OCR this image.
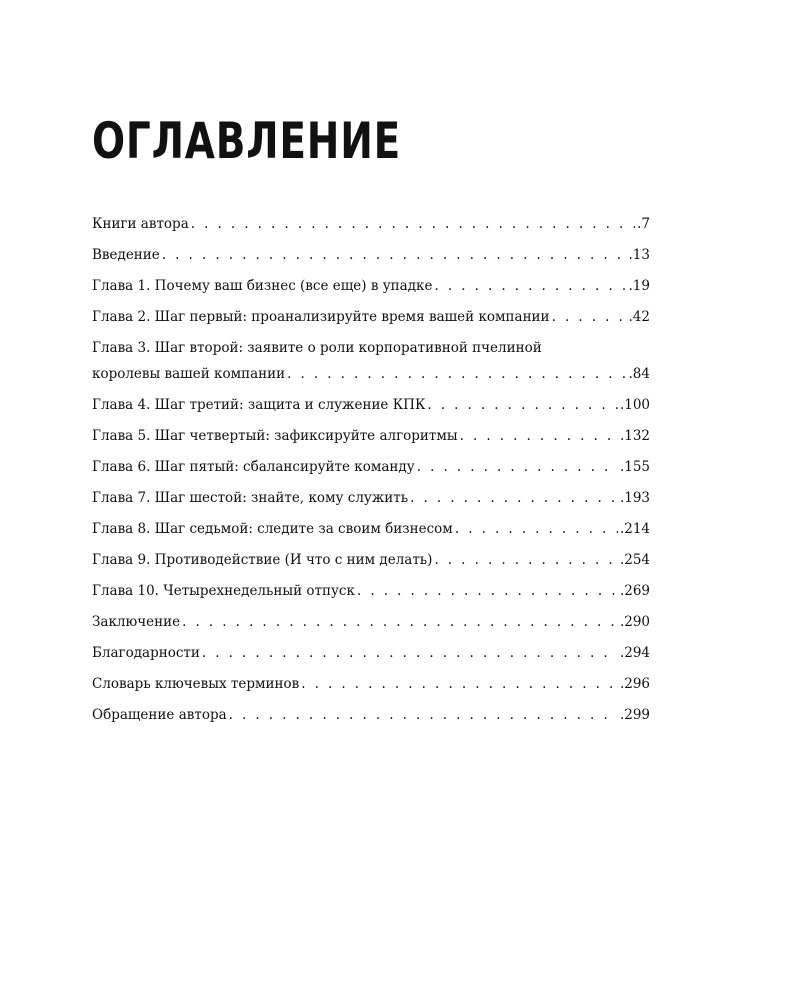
ОГЛАВЛЕНИЕ
Книги автора . . .	.7
Введение . . .	.13
Глава 1. Почему ваш бизнес (все еще) в упадке . . .	.19
Глава 2. Шаг первый: проанализируйте время вашей компании . . .	.42
Глава 3. Шаг второй: заявите о роли корпоративной пчелиной
королевы вашей компании . . .	.84
Глава 4. Шаг третий: защита и служение КПК . . .	.100
Глава 5. Шаг четвертый: зафиксируйте алгоритмы . . .	.132
Глава 6. Шаг пятый: сбалансируйте команду . . .	.155
Глава 7. Шаг шестой: знайте, кому служить . . .	.193
Глава 8. Шаг седьмой: следите за своим бизнесом . . .	.214
Глава 9. Противодействие (И что с ним делать) . . .	.254
Глава 10. Четырехнедельный отпуск . . .	.269
Заключение . . .	.290
Благодарности . . .	.294
Словарь ключевых терминов . . .	.296
Обращение автора . . .	.299
